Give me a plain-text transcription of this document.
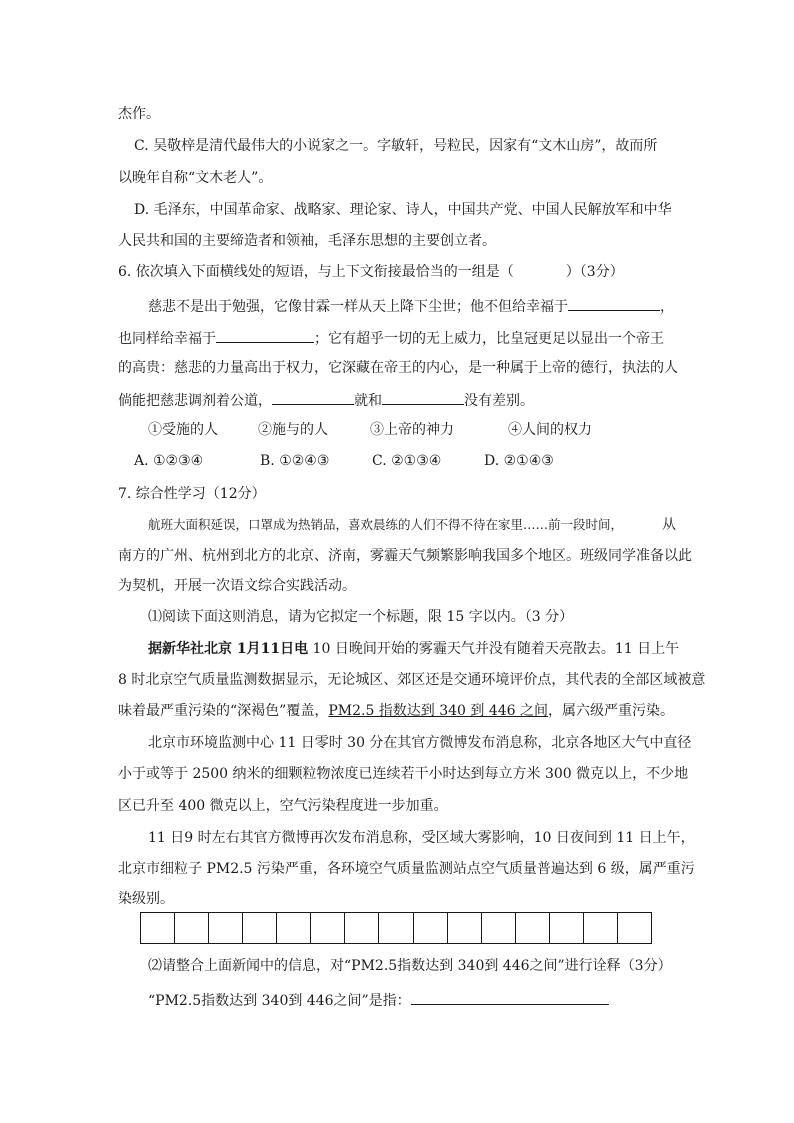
杰作。
C. 吴敬梓是清代最伟大的小说家之一。字敏轩，号粒民，因家有“文木山房”，故而所
以晚年自称“文木老人”。
D. 毛泽东，中国革命家、战略家、理论家、诗人，中国共产党、中国人民解放军和中华
人民共和国的主要缔造者和领袖，毛泽东思想的主要创立者。
6. 依次填入下面横线处的短语，与上下文衔接最恰当的一组是（	）（3分）
慈悲不是出于勉强，它像甘霖一样从天上降下尘世；他不但给幸福于	，
也同样给幸福于	；它有超乎一切的无上威力，比皇冠更足以显出一个帝王
的高贵：慈悲的力量高出于权力，它深藏在帝王的内心，是一种属于上帝的德行，执法的人
倘能把慈悲调剂着公道，	就和	没有差别。
①受施的人	②施与的人	③上帝的神力	④人间的权力
A. ①②③④	B. ①②④③	C. ②①③④	D. ②①④③
7. 综合性学习（12分）
航班大面积延误，口罩成为热销品，喜欢晨练的人们不得不待在家里……前一段时间，	从
南方的广州、杭州到北方的北京、济南，雾霾天气频繁影响我国多个地区。班级同学准备以此
为契机，开展一次语文综合实践活动。
⑴阅读下面这则消息，请为它拟定一个标题，限 15 字以内。（3 分）
据新华社北京 1月11日电 10 日晚间开始的雾霾天气并没有随着天亮散去。11 日上午
8 时北京空气质量监测数据显示，无论城区、郊区还是交通环境评价点，其代表的全部区域被意
味着最严重污染的“深褐色”覆盖，PM2.5 指数达到 340 到 446 之间，属六级严重污染。
北京市环境监测中心 11 日零时 30 分在其官方微博发布消息称，北京各地区大气中直径
小于或等于 2500 纳米的细颗粒物浓度已连续若干小时达到每立方米 300 微克以上，不少地
区已升至 400 微克以上，空气污染程度进一步加重。
11 日9 时左右其官方微博再次发布消息称，受区域大雾影响，10 日夜间到 11 日上午，
北京市细粒子 PM2.5 污染严重，各环境空气质量监测站点空气质量普遍达到 6 级，属严重污
染级别。
⑵请整合上面新闻中的信息，对“PM2.5指数达到 340到 446之间”进行诠释（3分）
“PM2.5指数达到 340到 446之间”是指：
